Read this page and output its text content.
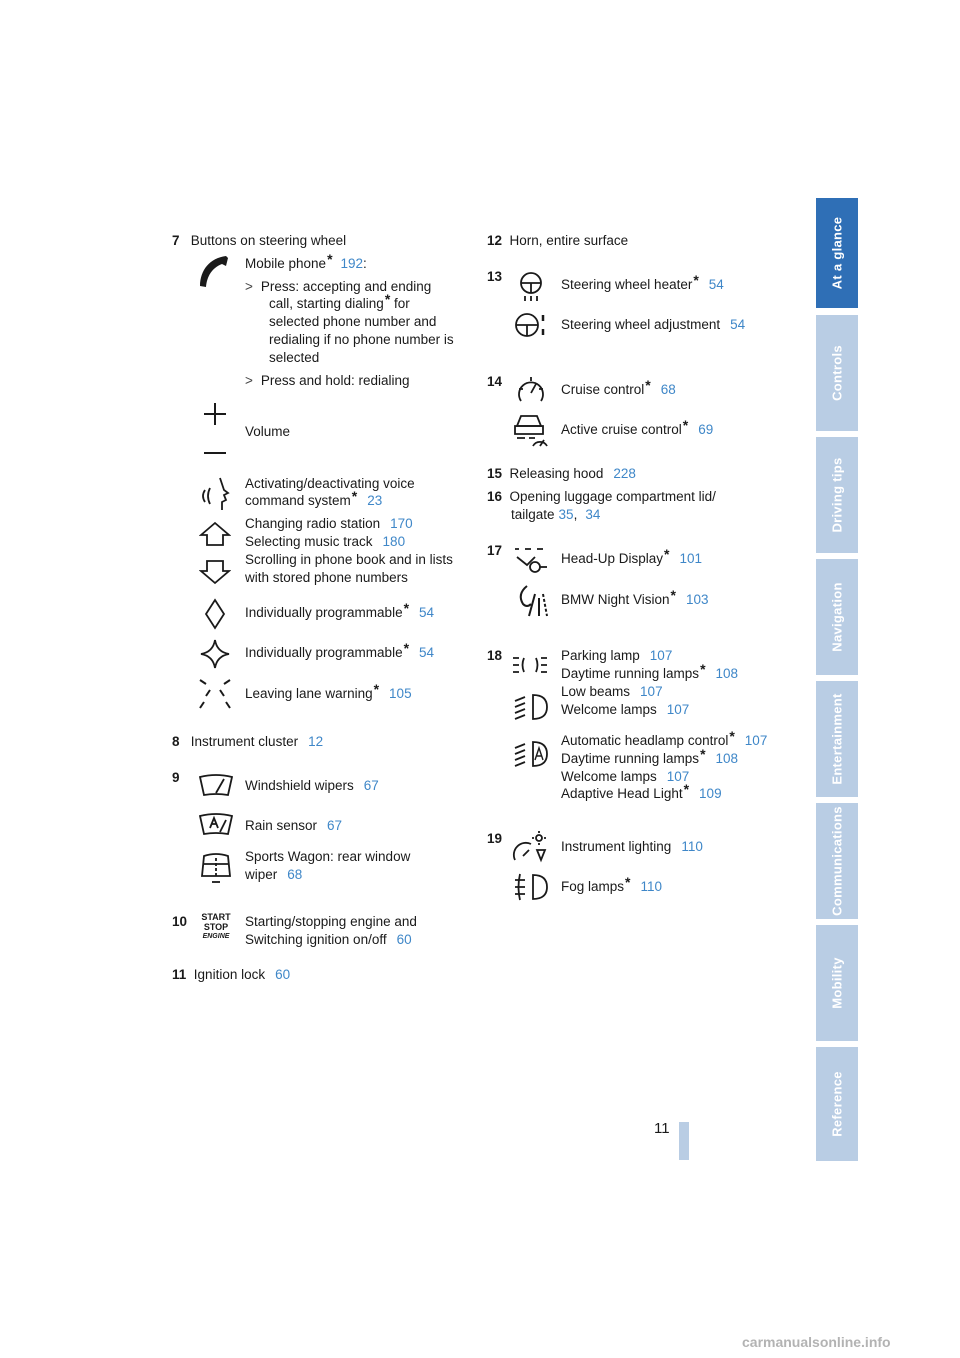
7 Buttons on steering wheel
Mobile phone* 192:
> Press: accepting and ending
call, starting dialing* for
selected phone number and
redialing if no phone number is
selected
> Press and hold: redialing
Volume
Activating/deactivating voice
command system* 23
Changing radio station 170
Selecting music track 180
Scrolling in phone book and in lists
with stored phone numbers
Individually programmable* 54
Individually programmable* 54
Leaving lane warning* 105
8 Instrument cluster 12
9
Windshield wipers 67
Rain sensor 67
Sports Wagon: rear window
wiper 68
10 START
STOP
ENGINE
Starting/stopping engine and
Switching ignition on/off 60
11 Ignition lock 60
12 Horn, entire surface
13
Steering wheel heater* 54
Steering wheel adjustment 54
14
Cruise control* 68
Active cruise control* 69
15 Releasing hood 228
16 Opening luggage compartment lid/
tailgate 35, 34
17
Head-Up Display* 101
BMW Night Vision* 103
18	Parking lamp 107
Daytime running lamps* 108
Low beams 107
Welcome lamps 107
Automatic headlamp control* 107
Daytime running lamps* 108
Welcome lamps 107
Adaptive Head Light* 109
19
Instrument lighting 110
Fog lamps* 110
At a glance
Controls
Driving tips
Navigation
Entertainment
Communications
Mobility
Reference
11
carmanualsonline.info
